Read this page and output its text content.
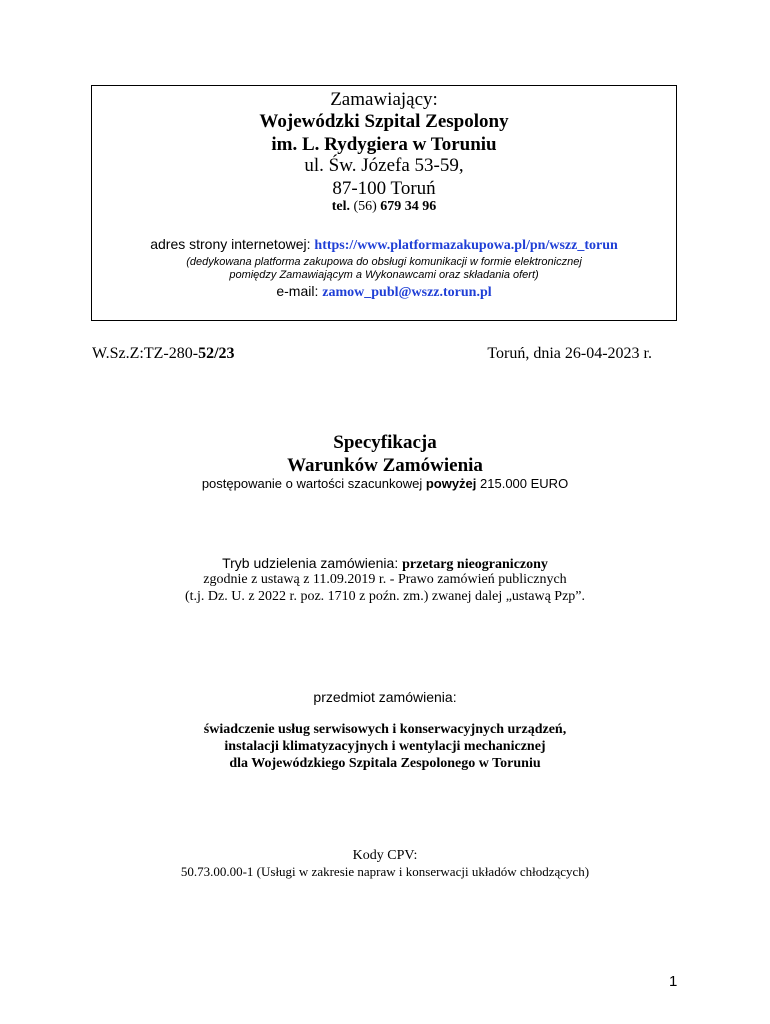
Zamawiający:
Wojewódzki Szpital Zespolony
im. L. Rydygiera w Toruniu
ul. Św. Józefa 53-59,
87-100 Toruń
tel. (56) 679 34 96
adres strony internetowej: https://www.platformazakupowa.pl/pn/wszz_torun
(dedykowana platforma zakupowa do obsługi komunikacji w formie elektronicznej
pomiędzy Zamawiającym a Wykonawcami oraz składania ofert)
e-mail: zamow_publ@wszz.torun.pl
W.Sz.Z:TZ-280-52/23	Toruń, dnia 26-04-2023 r.
Specyfikacja
Warunków Zamówienia
postępowanie o wartości szacunkowej powyżej 215.000 EURO
Tryb udzielenia zamówienia: przetarg nieograniczony
zgodnie z ustawą z 11.09.2019 r. - Prawo zamówień publicznych
(t.j. Dz. U. z 2022 r. poz. 1710 z poźn. zm.) zwanej dalej „ustawą Pzp”.
przedmiot zamówienia:
świadczenie usług serwisowych i konserwacyjnych urządzeń,
instalacji klimatyzacyjnych i wentylacji mechanicznej
dla Wojewódzkiego Szpitala Zespolonego w Toruniu
Kody CPV:
50.73.00.00-1 (Usługi w zakresie napraw i konserwacji układów chłodzących)
1
